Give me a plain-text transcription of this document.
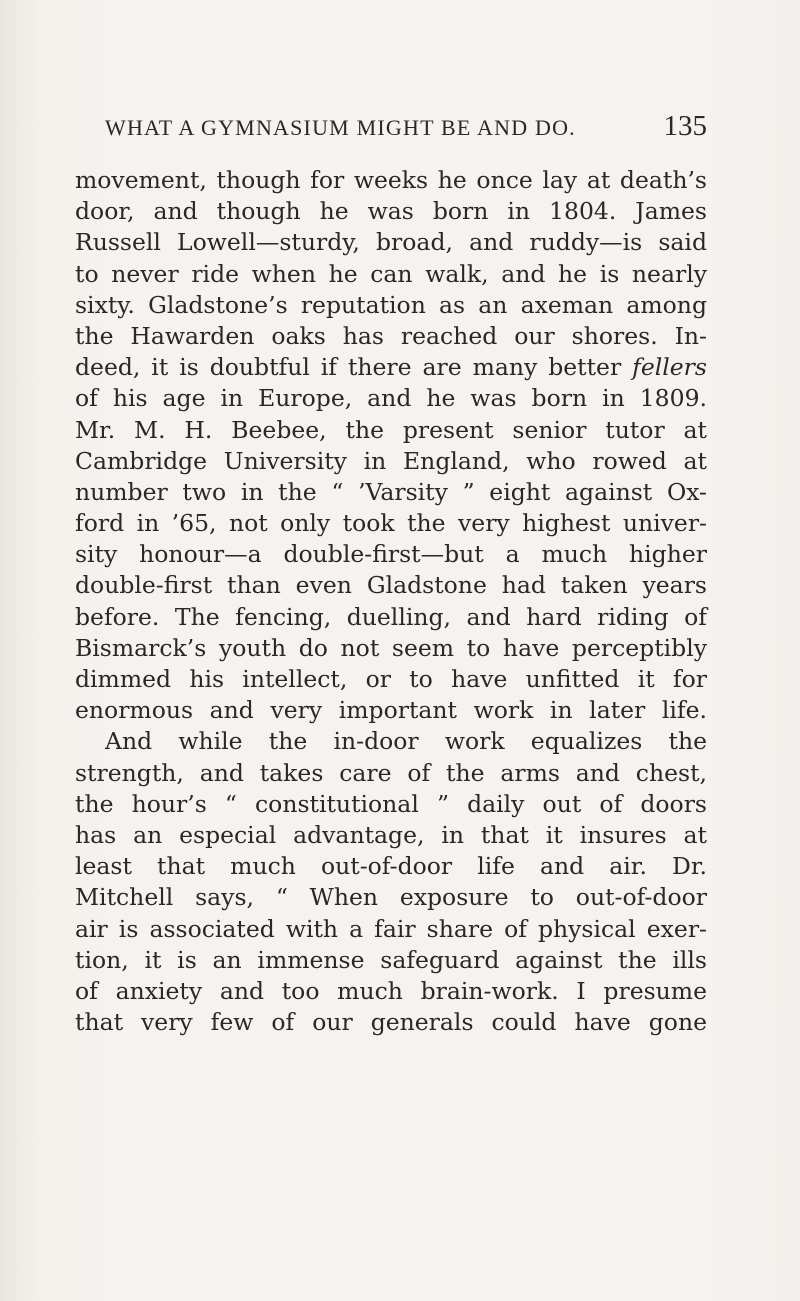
WHAT A GYMNASIUM MIGHT BE AND DO.	135
movement, though for weeks he once lay at death’s
door, and though he was born in 1804. James
Russell Lowell—sturdy, broad, and ruddy—is said
to never ride when he can walk, and he is nearly
sixty. Gladstone’s reputation as an axeman among
the Hawarden oaks has reached our shores. In-
deed, it is doubtful if there are many better fellers
of his age in Europe, and he was born in 1809.
Mr. M. H. Beebee, the present senior tutor at
Cambridge University in England, who rowed at
number two in the “ ’Varsity ” eight against Ox-
ford in ’65, not only took the very highest univer-
sity honour—a double-first—but a much higher
double-first than even Gladstone had taken years
before. The fencing, duelling, and hard riding of
Bismarck’s youth do not seem to have perceptibly
dimmed his intellect, or to have unfitted it for
enormous and very important work in later life.
And while the in-door work equalizes the
strength, and takes care of the arms and chest,
the hour’s “ constitutional ” daily out of doors
has an especial advantage, in that it insures at
least that much out-of-door life and air. Dr.
Mitchell says, “ When exposure to out-of-door
air is associated with a fair share of physical exer-
tion, it is an immense safeguard against the ills
of anxiety and too much brain-work. I presume
that very few of our generals could have gone
